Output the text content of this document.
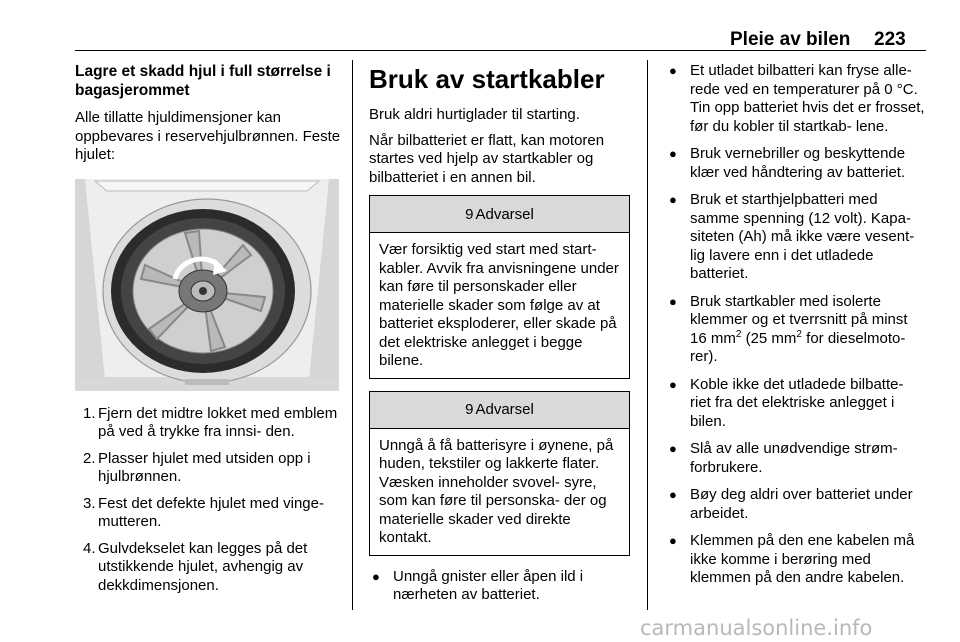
Pleie av bilen 223
Lagre et skadd hjul i full størrelse i bagasjerommet

Alle tillatte hjuldimensjoner kan oppbevares i reservehjulbrønnen. Feste hjulet:

1. Fjern det midtre lokket med emblem på ved å trykke fra innsi- den.
2. Plasser hjulet med utsiden opp i hjulbrønnen.
3. Fest det defekte hjulet med vinge- mutteren.
4. Gulvdekselet kan legges på det utstikkende hjulet, avhengig av dekkdimensjonen.
Bruk av startkabler

Bruk aldri hurtiglader til starting.

Når bilbatteriet er flatt, kan motoren startes ved hjelp av startkabler og bilbatteriet i en annen bil.

9 Advarsel
Vær forsiktig ved start med start- kabler. Avvik fra anvisningene under kan føre til personskader eller materielle skader som følge av at batteriet eksploderer, eller skade på det elektriske anlegget i begge bilene.
9 Advarsel
Unngå å få batterisyre i øynene, på huden, tekstiler og lakkerte flater. Væsken inneholder svovel- syre, som kan føre til personska- der og materielle skader ved direkte kontakt.
● Unngå gnister eller åpen ild i nærheten av batteriet.
● Et utladet bilbatteri kan fryse alle- rede ved en temperaturer på 0 °C. Tin opp batteriet hvis det er frosset, før du kobler til startkab- lene.
● Bruk vernebriller og beskyttende klær ved håndtering av batteriet.
● Bruk et starthjelpbatteri med samme spenning (12 volt). Kapa- siteten (Ah) må ikke være vesent- lig lavere enn i det utladede batteriet.
● Bruk startkabler med isolerte klemmer og et tverrsnitt på minst 16 $mm^2$ (25 $mm^2$ for dieselmoto- rer).
● Koble ikke det utladede bilbatte- riet fra det elektriske anlegget i bilen.
● Slå av alle unødvendige strøm- forbrukere.
● Bøy deg aldri over batteriet under arbeidet.
● Klemmen på den ene kabelen må ikke komme i berøring med klemmen på den andre kabelen.
carmanualsonline.info
